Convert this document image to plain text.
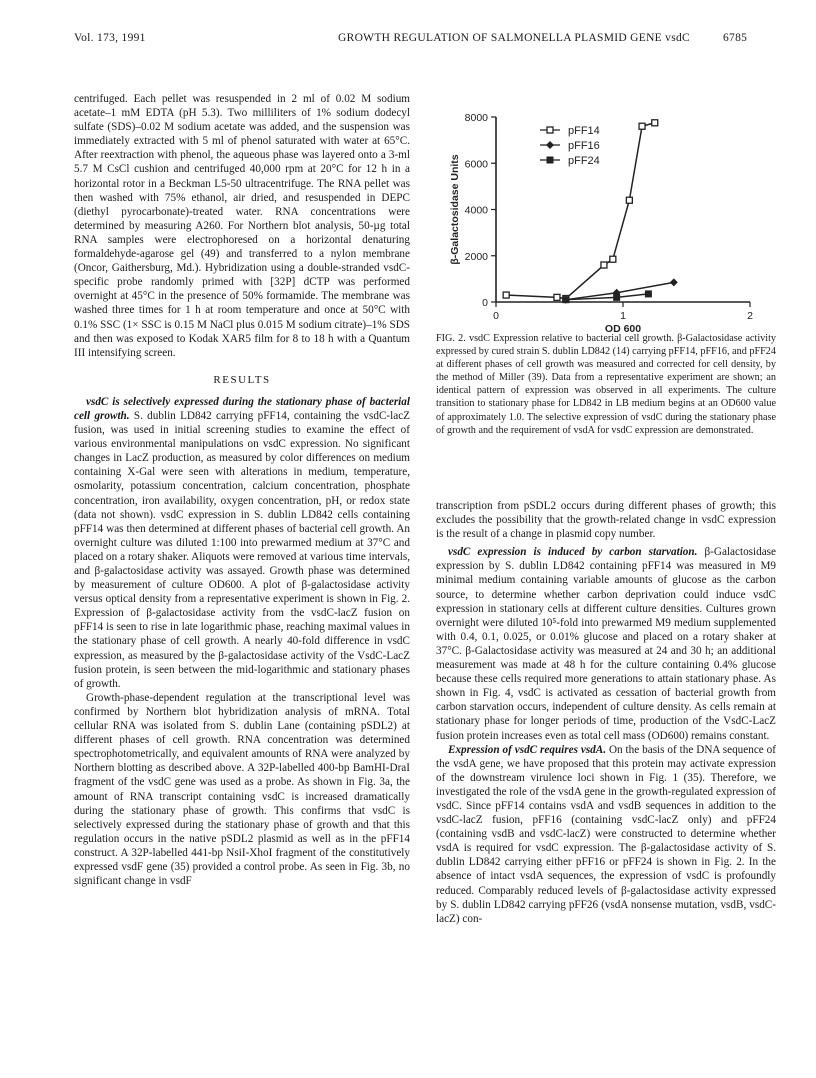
Vol. 173, 1991	GROWTH REGULATION OF SALMONELLA PLASMID GENE vsdC	6785

centrifuged. Each pellet was resuspended in 2 ml of 0.02 M sodium acetate–1 mM EDTA (pH 5.3). Two milliliters of 1% sodium dodecyl sulfate (SDS)–0.02 M sodium acetate was added, and the suspension was immediately extracted with 5 ml of phenol saturated with water at 65°C. After reextraction with phenol, the aqueous phase was layered onto a 3-ml 5.7 M CsCl cushion and centrifuged 40,000 rpm at 20°C for 12 h in a horizontal rotor in a Beckman L5-50 ultracentrifuge. The RNA pellet was then washed with 75% ethanol, air dried, and resuspended in DEPC (diethyl pyrocarbonate)-treated water. RNA concentrations were determined by measuring A260. For Northern blot analysis, 50-µg total RNA samples were electrophoresed on a horizontal denaturing formaldehyde-agarose gel (49) and transferred to a nylon membrane (Oncor, Gaithersburg, Md.). Hybridization using a double-stranded vsdC-specific probe randomly primed with [32P] dCTP was performed overnight at 45°C in the presence of 50% formamide. The membrane was washed three times for 1 h at room temperature and once at 50°C with 0.1% SSC (1× SSC is 0.15 M NaCl plus 0.015 M sodium citrate)–1% SDS and then was exposed to Kodak XAR5 film for 8 to 18 h with a Quantum III intensifying screen.

RESULTS

vsdC is selectively expressed during the stationary phase of bacterial cell growth. S. dublin LD842 carrying pFF14, containing the vsdC-lacZ fusion, was used in initial screening studies to examine the effect of various environmental manipulations on vsdC expression. No significant changes in LacZ production, as measured by color differences on medium containing X-Gal were seen with alterations in medium, temperature, osmolarity, potassium concentration, calcium concentration, phosphate concentration, iron availability, oxygen concentration, pH, or redox state (data not shown). vsdC expression in S. dublin LD842 cells containing pFF14 was then determined at different phases of bacterial cell growth. An overnight culture was diluted 1:100 into prewarmed medium at 37°C and placed on a rotary shaker. Aliquots were removed at various time intervals, and β-galactosidase activity was assayed. Growth phase was determined by measurement of culture OD600. A plot of β-galactosidase activity versus optical density from a representative experiment is shown in Fig. 2. Expression of β-galactosidase activity from the vsdC-lacZ fusion on pFF14 is seen to rise in late logarithmic phase, reaching maximal values in the stationary phase of cell growth. A nearly 40-fold difference in vsdC expression, as measured by the β-galactosidase activity of the VsdC-LacZ fusion protein, is seen between the mid-logarithmic and stationary phases of growth.

Growth-phase-dependent regulation at the transcriptional level was confirmed by Northern blot hybridization analysis of mRNA. Total cellular RNA was isolated from S. dublin Lane (containing pSDL2) at different phases of cell growth. RNA concentration was determined spectrophotometrically, and equivalent amounts of RNA were analyzed by Northern blotting as described above. A 32P-labelled 400-bp BamHI-DraI fragment of the vsdC gene was used as a probe. As shown in Fig. 3a, the amount of RNA transcript containing vsdC is increased dramatically during the stationary phase of growth. This confirms that vsdC is selectively expressed during the stationary phase of growth and that this regulation occurs in the native pSDL2 plasmid as well as in the pFF14 construct. A 32P-labelled 441-bp NsiI-XhoI fragment of the constitutively expressed vsdF gene (35) provided a control probe. As seen in Fig. 3b, no significant change in vsdF

0
2000
4000
6000
8000
0	1	2
OD 600
β-Galactosidase Units
pFF14
pFF16
pFF24
FIG. 2. vsdC Expression relative to bacterial cell growth. β-Galactosidase activity expressed by cured strain S. dublin LD842 (14) carrying pFF14, pFF16, and pFF24 at different phases of cell growth was measured and corrected for cell density, by the method of Miller (39). Data from a representative experiment are shown; an identical pattern of expression was observed in all experiments. The culture transition to stationary phase for LD842 in LB medium begins at an OD600 value of approximately 1.0. The selective expression of vsdC during the stationary phase of growth and the requirement of vsdA for vsdC expression are demonstrated.

transcription from pSDL2 occurs during different phases of growth; this excludes the possibility that the growth-related change in vsdC expression is the result of a change in plasmid copy number.

vsdC expression is induced by carbon starvation. β-Galactosidase expression by S. dublin LD842 containing pFF14 was measured in M9 minimal medium containing variable amounts of glucose as the carbon source, to determine whether carbon deprivation could induce vsdC expression in stationary cells at different culture densities. Cultures grown overnight were diluted 10⁵-fold into prewarmed M9 medium supplemented with 0.4, 0.1, 0.025, or 0.01% glucose and placed on a rotary shaker at 37°C. β-Galactosidase activity was measured at 24 and 30 h; an additional measurement was made at 48 h for the culture containing 0.4% glucose because these cells required more generations to attain stationary phase. As shown in Fig. 4, vsdC is activated as cessation of bacterial growth from carbon starvation occurs, independent of culture density. As cells remain at stationary phase for longer periods of time, production of the VsdC-LacZ fusion protein increases even as total cell mass (OD600) remains constant.

Expression of vsdC requires vsdA. On the basis of the DNA sequence of the vsdA gene, we have proposed that this protein may activate expression of the downstream virulence loci shown in Fig. 1 (35). Therefore, we investigated the role of the vsdA gene in the growth-regulated expression of vsdC. Since pFF14 contains vsdA and vsdB sequences in addition to the vsdC-lacZ fusion, pFF16 (containing vsdC-lacZ only) and pFF24 (containing vsdB and vsdC-lacZ) were constructed to determine whether vsdA is required for vsdC expression. The β-galactosidase activity of S. dublin LD842 carrying either pFF16 or pFF24 is shown in Fig. 2. In the absence of intact vsdA sequences, the expression of vsdC is profoundly reduced. Comparably reduced levels of β-galactosidase activity expressed by S. dublin LD842 carrying pFF26 (vsdA nonsense mutation, vsdB, vsdC-lacZ) con-
